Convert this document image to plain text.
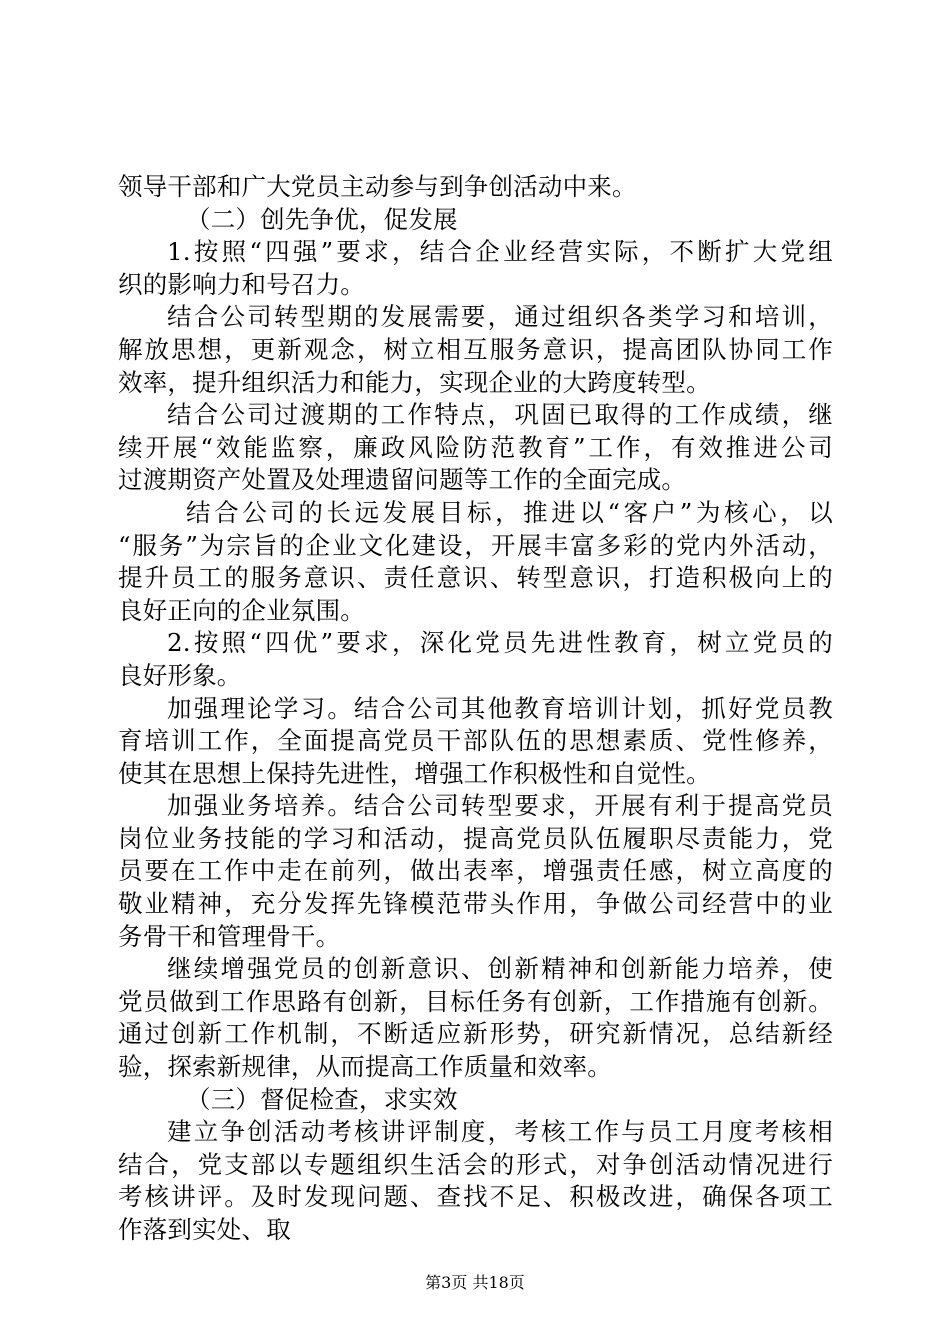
领导干部和广大党员主动参与到争创活动中来。
（二）创先争优，促发展
1.按照“四强”要求，结合企业经营实际，不断扩大党组
织的影响力和号召力。
结合公司转型期的发展需要，通过组织各类学习和培训，
解放思想，更新观念，树立相互服务意识，提高团队协同工作
效率，提升组织活力和能力，实现企业的大跨度转型。
结合公司过渡期的工作特点，巩固已取得的工作成绩，继
续开展“效能监察，廉政风险防范教育”工作，有效推进公司
过渡期资产处置及处理遗留问题等工作的全面完成。
结合公司的长远发展目标，推进以“客户”为核心，以
“服务”为宗旨的企业文化建设，开展丰富多彩的党内外活动，
提升员工的服务意识、责任意识、转型意识，打造积极向上的
良好正向的企业氛围。
2.按照“四优”要求，深化党员先进性教育，树立党员的
良好形象。
加强理论学习。结合公司其他教育培训计划，抓好党员教
育培训工作，全面提高党员干部队伍的思想素质、党性修养，
使其在思想上保持先进性，增强工作积极性和自觉性。
加强业务培养。结合公司转型要求，开展有利于提高党员
岗位业务技能的学习和活动，提高党员队伍履职尽责能力，党
员要在工作中走在前列，做出表率，增强责任感，树立高度的
敬业精神，充分发挥先锋模范带头作用，争做公司经营中的业
务骨干和管理骨干。
继续增强党员的创新意识、创新精神和创新能力培养，使
党员做到工作思路有创新，目标任务有创新，工作措施有创新。
通过创新工作机制，不断适应新形势，研究新情况，总结新经
验，探索新规律，从而提高工作质量和效率。
（三）督促检查，求实效
建立争创活动考核讲评制度，考核工作与员工月度考核相
结合，党支部以专题组织生活会的形式，对争创活动情况进行
考核讲评。及时发现问题、查找不足、积极改进，确保各项工
作落到实处、取
第3页 共18页
